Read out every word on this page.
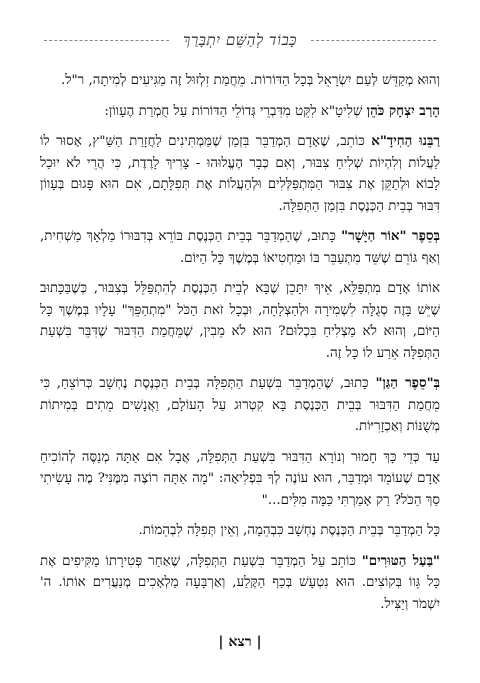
כָּבוֹד לְהַשֵּׁם יִתְבָּרַךְ

וְהוּא מְקַדֵּשׁ לְעַם יִשְׂרָאֵל בְּכָל הַדּוֹרוֹת. מֵחֲמַת זִלְזוּל זֶה מַגִּיעִים לְמִיתָה, ר"ל.

הָרַב יִצְחָק כֹּהֵן שְׁלִיטָ"א לִקֵּט מִדִּבְרֵי גְּדוֹלֵי הַדּוֹרוֹת עַל חֻמְרַת הֶעָווֹן:

רַבֵּנוּ הַחִידָ"א כּוֹתֵב, שֶׁאָדָם הַמְדַבֵּר בִּזְמַן שֶׁמַּמְתִּינִים לַחֲזָרַת הַשַּׁ"ץ, אָסוּר לוֹ לַעֲלוֹת וְלִהְיוֹת שְׁלִיחַ צִבּוּר, וְאִם כְּבָר הֶעֱלוּהוּ - צָרִיךְ לָרֶדֶת, כִּי הֲרֵי לֹא יוּכַל לָבוֹא וּלְתַקֵּן אֶת צִבּוּר הַמִּתְפַּלְּלִים וּלְהַעֲלוֹת אֶת תְּפִלָּתָם, אִם הוּא פָּגוּם בְּעָווֹן דִּבּוּר בְּבֵית הַכְּנֶסֶת בִּזְמַן הַתְּפִלָּה.

בְּסֵפֶר "אוֹר הַיָּשָׁר" כָּתוּב, שֶׁהַמְדַבֵּר בְּבֵית הַכְּנֶסֶת בּוֹרֵא בְּדִבּוּרוֹ מַלְאָךְ מַשְׁחִית, וְאַף גּוֹרֵם שֶׁשֵּׁד מִתְעַבֵּר בּוֹ וּמַחְטִיאוֹ בְּמֶשֶׁךְ כָּל הַיּוֹם.

אוֹתוֹ אָדָם מִתְפַּלֵּא, אֵיךְ יִתָּכֵן שֶׁבָּא לְבֵית הַכְּנֶסֶת לְהִתְפַּלֵּל בְּצִבּוּר, כְּשֶׁבַּכָּתוּב שֶׁיֵּשׁ בָּזֶה סְגֻלָּה לִשְׁמִירָה וּלְהַצְלָחָה, וּבְכָל זֹאת הַכֹּל "מִתְהַפֵּךְ" עָלָיו בְּמֶשֶׁךְ כָּל הַיּוֹם, וְהוּא לֹא מַצְלִיחַ בִּכְלוּם? הוּא לֹא מֵבִין, שֶׁמֵּחֲמַת הַדִּבּוּר שֶׁדִּבֵּר בִּשְׁעַת הַתְּפִלָּה אֵרַע לוֹ כָּל זֶה.

בְּ"סֵפֶר הַגַּן" כָּתוּב, שֶׁהַמְדַבֵּר בִּשְׁעַת הַתְּפִלָּה בְּבֵית הַכְּנֶסֶת נֶחְשָׁב כְּרוֹצֵחַ, כִּי מֵחֲמַת הַדִּבּוּר בְּבֵית הַכְּנֶסֶת בָּא קִטְרוּג עַל הָעוֹלָם, וַאֲנָשִׁים מֵתִים בְּמִיתוֹת מְשֻׁנּוֹת וְאַכְזָרִיּוֹת.

עַד כְּדֵי כָּךְ חָמוּר וְנוֹרָא הַדִּבּוּר בִּשְׁעַת הַתְּפִלָּה, אֲבָל אִם אַתָּה מְנַסֶּה לְהוֹכִיחַ אָדָם שֶׁעוֹמֵד וּמְדַבֵּר, הוּא עוֹנֶה לְךָ בִּפְלִיאָה: "מָה אַתָּה רוֹצֶה מִמֶּנִּי? מֶה עָשִׂיתִי סַךְ הַכֹּל? רַק אָמַרְתִּי כַּמָּה מִלִּים..."

כָּל הַמְדַבֵּר בְּבֵית הַכְּנֶסֶת נֶחְשָׁב כִּבְהֵמָה, וְאֵין תְּפִלָּה לִבְהֵמוֹת.

"בַּעַל הַטּוּרִים" כּוֹתֵב עַל הַמְדַבֵּר בִּשְׁעַת הַתְּפִלָּה, שֶׁאַחַר פְּטִירָתוֹ מַקִּיפִים אֶת כָּל גֵּווֹ בְּקוֹצִים. הוּא נִטְעָשׁ בְּכַף הַקֶּלַע, וְאַרְבָּעָה מַלְאָכִים מְנַעֲרִים אוֹתוֹ. ה' יִשְׁמֹר וְיַצִּיל.

| רצא |
